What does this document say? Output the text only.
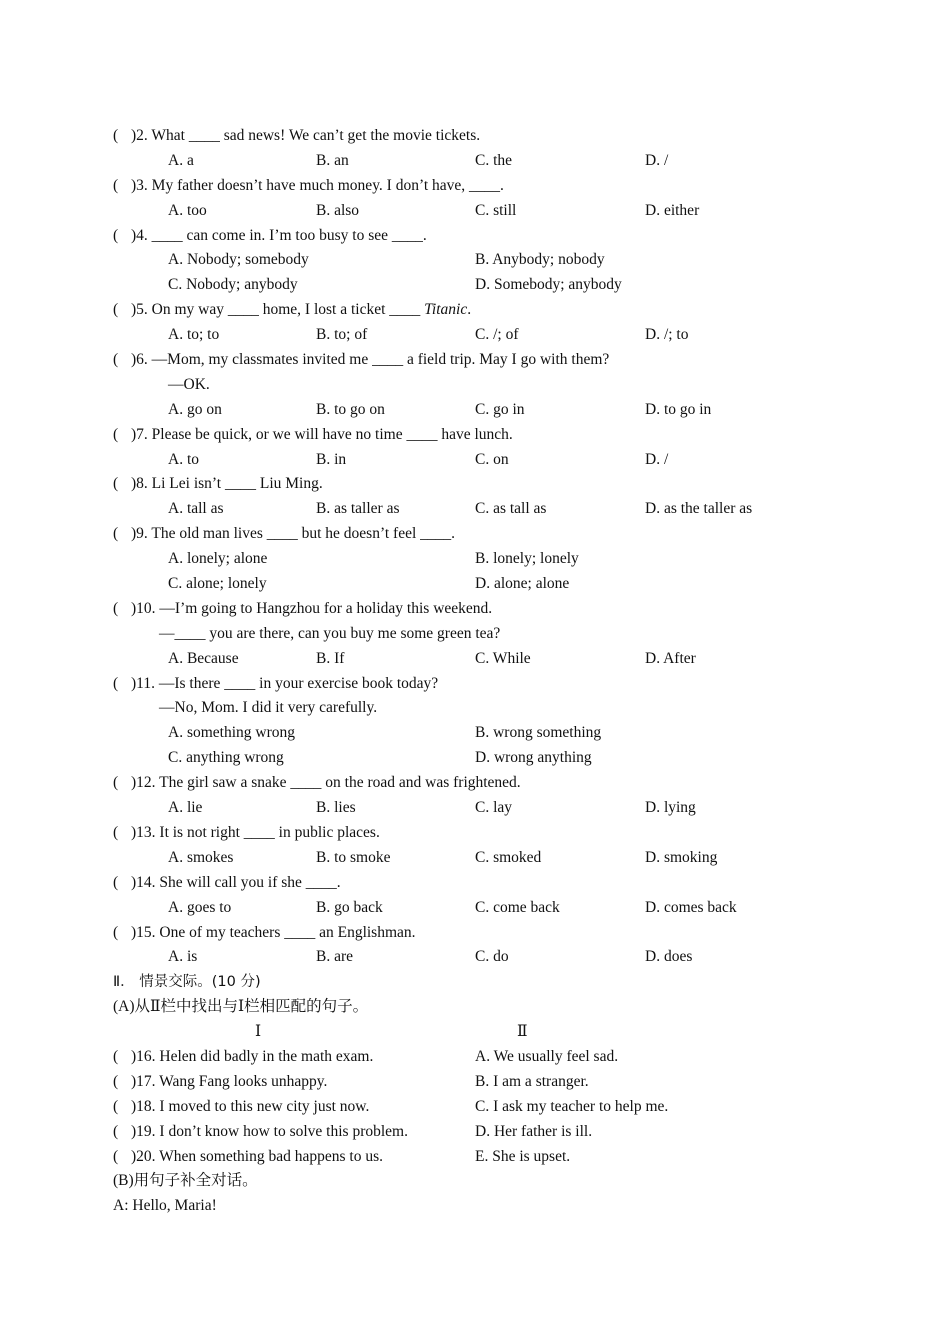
( )2. What ____ sad news! We can’t get the movie tickets.
A. a	B. an	C. the	D. /
( )3. My father doesn’t have much money. I don’t have, ____.
A. too	B. also	C. still	D. either
( )4. ____ can come in. I’m too busy to see ____.
A. Nobody; somebody	B. Anybody; nobody
C. Nobody; anybody	D. Somebody; anybody
( )5. On my way ____ home, I lost a ticket ____ Titanic.
A. to; to	B. to; of	C. /; of	D. /; to
( )6. —Mom, my classmates invited me ____ a field trip. May I go with them?
—OK.
A. go on	B. to go on	C. go in	D. to go in
( )7. Please be quick, or we will have no time ____ have lunch.
A. to	B. in	C. on	D. /
( )8. Li Lei isn’t ____ Liu Ming.
A. tall as	B. as taller as	C. as tall as	D. as the taller as
( )9. The old man lives ____ but he doesn’t feel ____.
A. lonely; alone	B. lonely; lonely
C. alone; lonely	D. alone; alone
( )10. —I’m going to Hangzhou for a holiday this weekend.
—____ you are there, can you buy me some green tea?
A. Because	B. If	C. While	D. After
( )11. —Is there ____ in your exercise book today?
—No, Mom. I did it very carefully.
A. something wrong	B. wrong something
C. anything wrong	D. wrong anything
( )12. The girl saw a snake ____ on the road and was frightened.
A. lie	B. lies	C. lay	D. lying
( )13. It is not right ____ in public places.
A. smokes	B. to smoke	C. smoked	D. smoking
( )14. She will call you if she ____.
A. goes to	B. go back	C. come back	D. comes back
( )15. One of my teachers ____ an Englishman.
A. is	B. are	C. do	D. does
Ⅱ． 情景交际。(10 分)
(A)从Ⅱ栏中找出与Ⅰ栏相匹配的句子。
Ⅰ	Ⅱ
( )16. Helen did badly in the math exam.	A. We usually feel sad.
( )17. Wang Fang looks unhappy.	B. I am a stranger.
( )18. I moved to this new city just now.	C. I ask my teacher to help me.
( )19. I don’t know how to solve this problem.	D. Her father is ill.
( )20. When something bad happens to us.	E. She is upset.
(B)用句子补全对话。
A: Hello, Maria!
